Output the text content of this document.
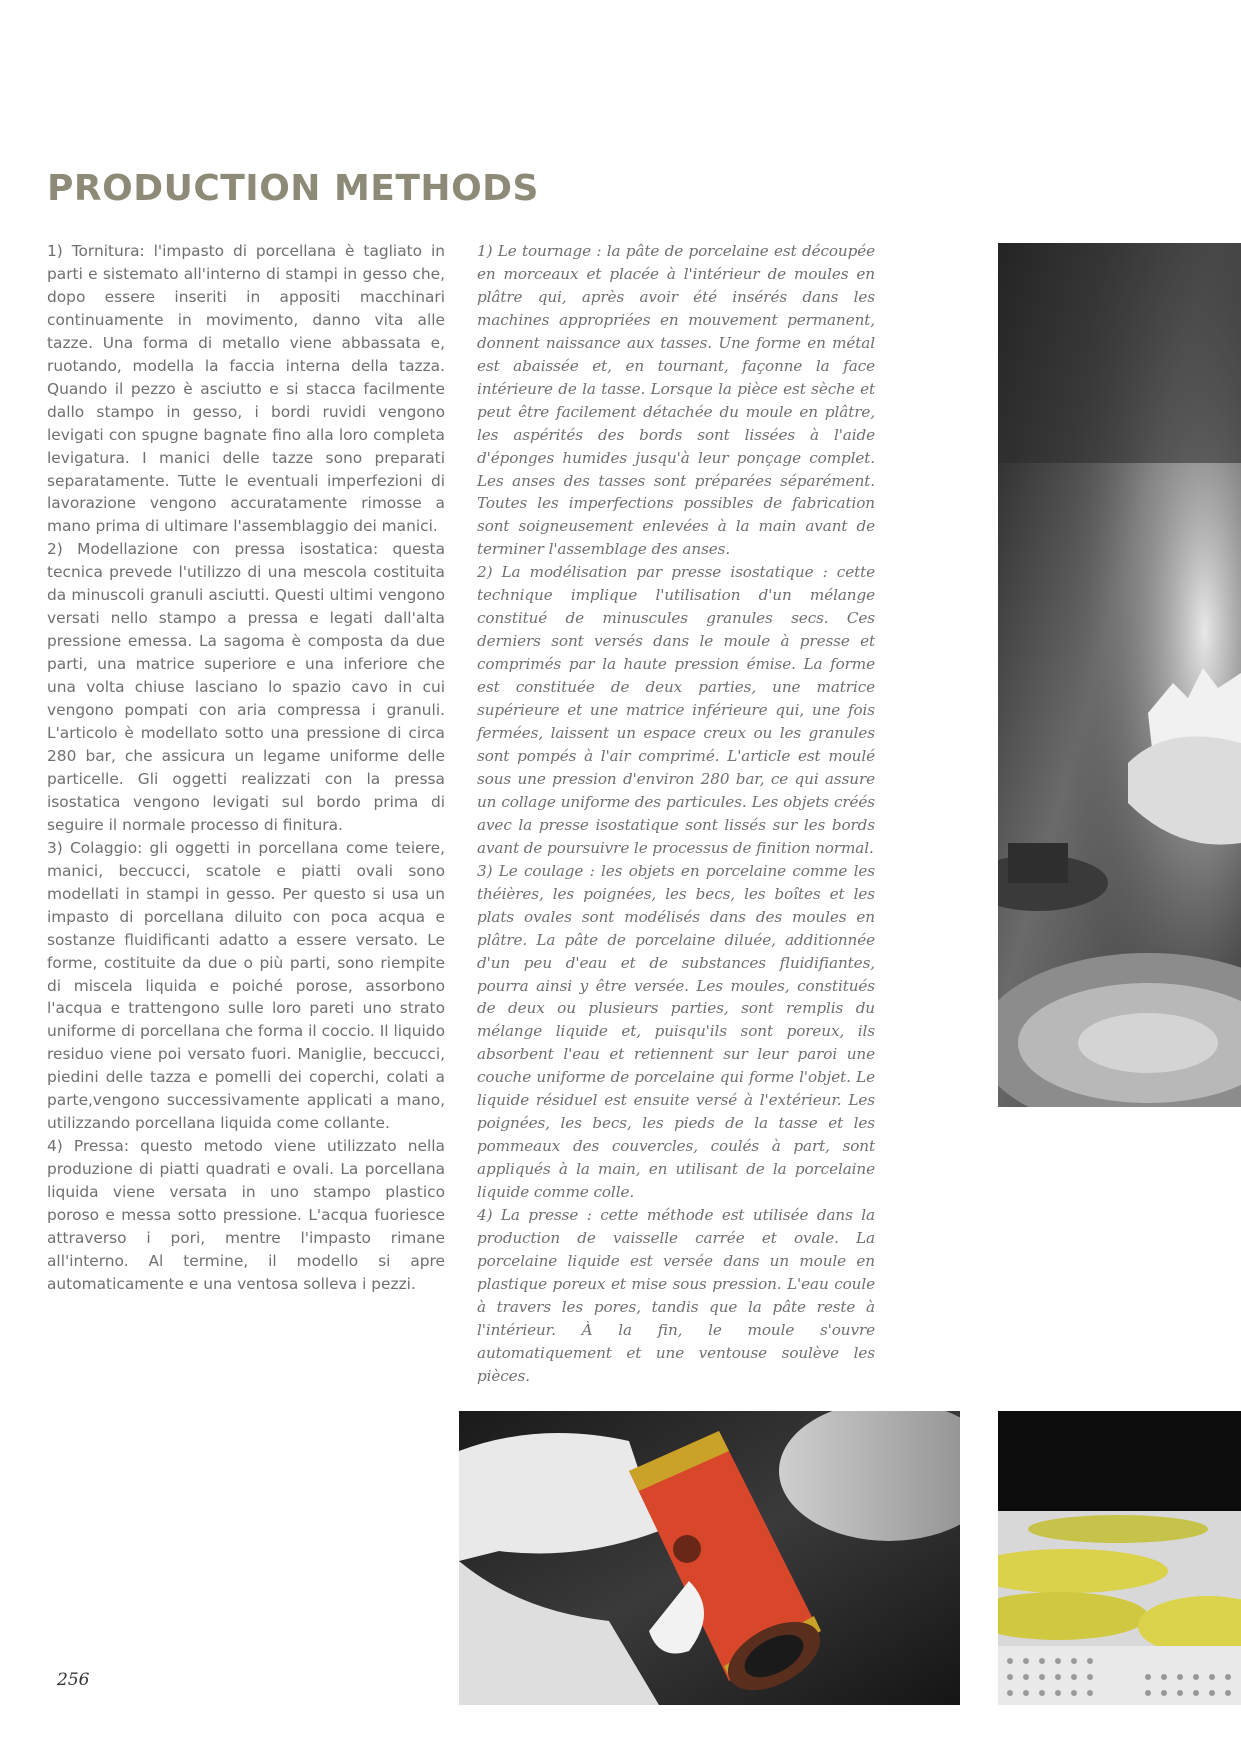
PRODUCTION METHODS

1) Tornitura: l'impasto di porcellana è tagliato in parti e sistemato all'interno di stampi in gesso che, dopo essere inseriti in appositi macchinari continuamente in movimento, danno vita alle tazze. Una forma di metallo viene abbassata e, ruotando, modella la faccia interna della tazza. Quando il pezzo è asciutto e si stacca facilmente dallo stampo in gesso, i bordi ruvidi vengono levigati con spugne bagnate fino alla loro completa levigatura. I manici delle tazze sono preparati separatamente. Tutte le eventuali imperfezioni di lavorazione vengono accuratamente rimosse a mano prima di ultimare l'assemblaggio dei manici.

2) Modellazione con pressa isostatica: questa tecnica prevede l'utilizzo di una mescola costituita da minuscoli granuli asciutti. Questi ultimi vengono versati nello stampo a pressa e legati dall'alta pressione emessa. La sagoma è composta da due parti, una matrice superiore e una inferiore che una volta chiuse lasciano lo spazio cavo in cui vengono pompati con aria compressa i granuli. L'articolo è modellato sotto una pressione di circa 280 bar, che assicura un legame uniforme delle particelle. Gli oggetti realizzati con la pressa isostatica vengono levigati sul bordo prima di seguire il normale processo di finitura.

3) Colaggio: gli oggetti in porcellana come teiere, manici, beccucci, scatole e piatti ovali sono modellati in stampi in gesso. Per questo si usa un impasto di porcellana diluito con poca acqua e sostanze fluidificanti adatto a essere versato. Le forme, costituite da due o più parti, sono riempite di miscela liquida e poiché porose, assorbono l'acqua e trattengono sulle loro pareti uno strato uniforme di porcellana che forma il coccio. Il liquido residuo viene poi versato fuori. Maniglie, beccucci, piedini delle tazza e pomelli dei coperchi, colati a parte,vengono successivamente applicati a mano, utilizzando porcellana liquida come collante.

4) Pressa: questo metodo viene utilizzato nella produzione di piatti quadrati e ovali. La porcellana liquida viene versata in uno stampo plastico poroso e messa sotto pressione. L'acqua fuoriesce attraverso i pori, mentre l'impasto rimane all'interno. Al termine, il modello si apre automaticamente e una ventosa solleva i pezzi.

1) Le tournage : la pâte de porcelaine est découpée en morceaux et placée à l'intérieur de moules en plâtre qui, après avoir été insérés dans les machines appropriées en mouvement permanent, donnent naissance aux tasses. Une forme en métal est abaissée et, en tournant, façonne la face intérieure de la tasse. Lorsque la pièce est sèche et peut être facilement détachée du moule en plâtre, les aspérités des bords sont lissées à l'aide d'éponges humides jusqu'à leur ponçage complet. Les anses des tasses sont préparées séparément. Toutes les imperfections possibles de fabrication sont soigneusement enlevées à la main avant de terminer l'assemblage des anses.

2) La modélisation par presse isostatique : cette technique implique l'utilisation d'un mélange constitué de minuscules granules secs. Ces derniers sont versés dans le moule à presse et comprimés par la haute pression émise. La forme est constituée de deux parties, une matrice supérieure et une matrice inférieure qui, une fois fermées, laissent un espace creux ou les granules sont pompés à l'air comprimé. L'article est moulé sous une pression d'environ 280 bar, ce qui assure un collage uniforme des particules. Les objets créés avec la presse isostatique sont lissés sur les bords avant de poursuivre le processus de finition normal.

3) Le coulage : les objets en porcelaine comme les théières, les poignées, les becs, les boîtes et les plats ovales sont modélisés dans des moules en plâtre. La pâte de porcelaine diluée, additionnée d'un peu d'eau et de substances fluidifiantes, pourra ainsi y être versée. Les moules, constitués de deux ou plusieurs parties, sont remplis du mélange liquide et, puisqu'ils sont poreux, ils absorbent l'eau et retiennent sur leur paroi une couche uniforme de porcelaine qui forme l'objet. Le liquide résiduel est ensuite versé à l'extérieur. Les poignées, les becs, les pieds de la tasse et les pommeaux des couvercles, coulés à part, sont appliqués à la main, en utilisant de la porcelaine liquide comme colle.

4) La presse : cette méthode est utilisée dans la production de vaisselle carrée et ovale. La porcelaine liquide est versée dans un moule en plastique poreux et mise sous pression. L'eau coule à travers les pores, tandis que la pâte reste à l'intérieur. À la fin, le moule s'ouvre automatiquement et une ventouse soulève les pièces.

256
